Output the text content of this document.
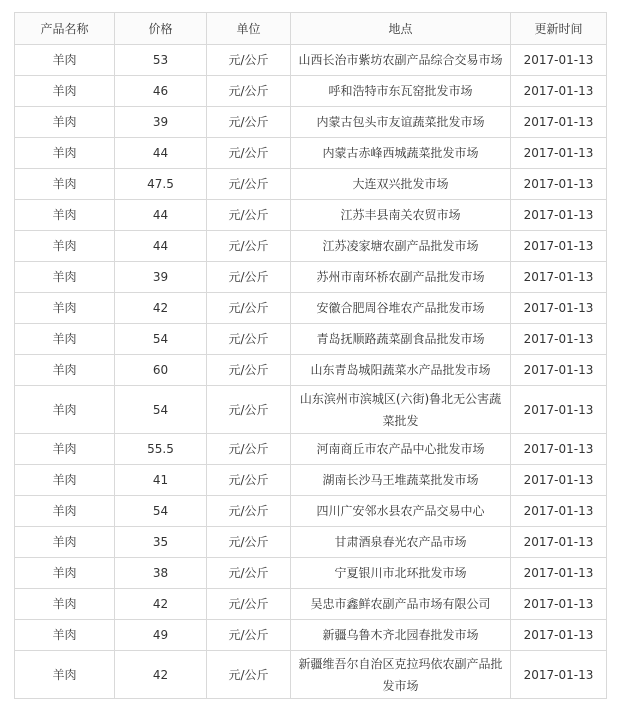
产品名称	价格	单位	地点	更新时间
羊肉	53	元/公斤	山西长治市紫坊农副产品综合交易市场	2017-01-13
羊肉	46	元/公斤	呼和浩特市东瓦窑批发市场	2017-01-13
羊肉	39	元/公斤	内蒙古包头市友谊蔬菜批发市场	2017-01-13
羊肉	44	元/公斤	内蒙古赤峰西城蔬菜批发市场	2017-01-13
羊肉	47.5	元/公斤	大连双兴批发市场	2017-01-13
羊肉	44	元/公斤	江苏丰县南关农贸市场	2017-01-13
羊肉	44	元/公斤	江苏凌家塘农副产品批发市场	2017-01-13
羊肉	39	元/公斤	苏州市南环桥农副产品批发市场	2017-01-13
羊肉	42	元/公斤	安徽合肥周谷堆农产品批发市场	2017-01-13
羊肉	54	元/公斤	青岛抚顺路蔬菜副食品批发市场	2017-01-13
羊肉	60	元/公斤	山东青岛城阳蔬菜水产品批发市场	2017-01-13
羊肉	54	元/公斤	山东滨州市滨城区(六街)鲁北无公害蔬菜批发	2017-01-13
羊肉	55.5	元/公斤	河南商丘市农产品中心批发市场	2017-01-13
羊肉	41	元/公斤	湖南长沙马王堆蔬菜批发市场	2017-01-13
羊肉	54	元/公斤	四川广安邻水县农产品交易中心	2017-01-13
羊肉	35	元/公斤	甘肃酒泉春光农产品市场	2017-01-13
羊肉	38	元/公斤	宁夏银川市北环批发市场	2017-01-13
羊肉	42	元/公斤	吴忠市鑫鲜农副产品市场有限公司	2017-01-13
羊肉	49	元/公斤	新疆乌鲁木齐北园春批发市场	2017-01-13
羊肉	42	元/公斤	新疆维吾尔自治区克拉玛依农副产品批发市场	2017-01-13
